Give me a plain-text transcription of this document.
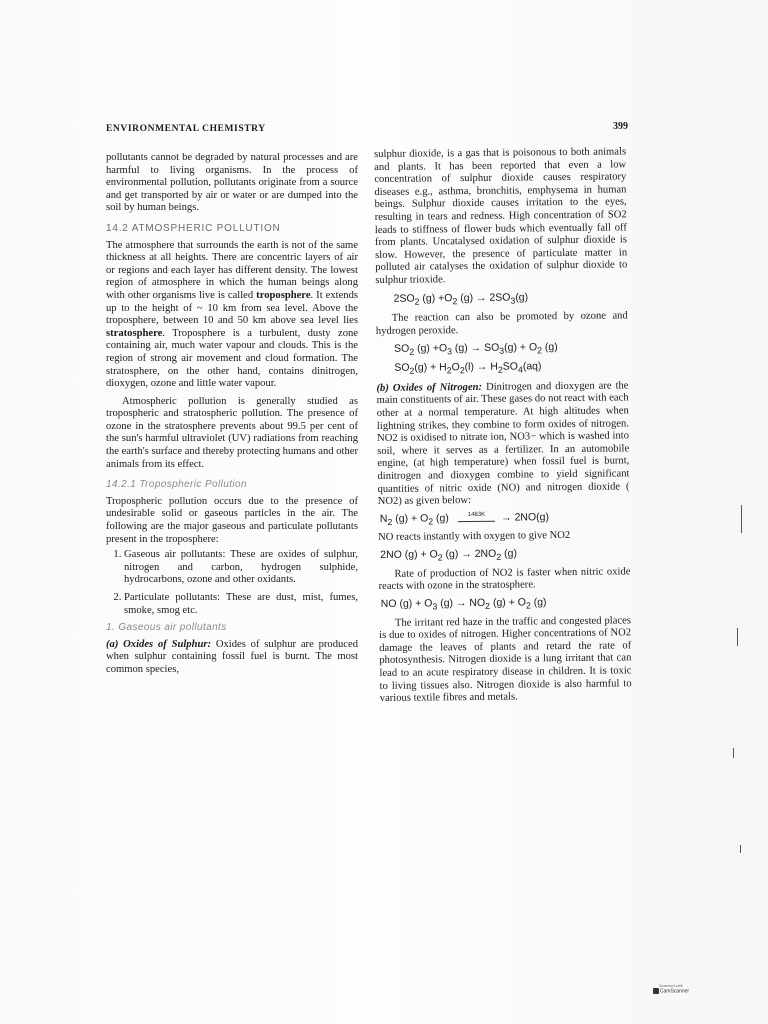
ENVIRONMENTAL CHEMISTRY	399

pollutants cannot be degraded by natural processes and are harmful to living organisms. In the process of environmental pollution, pollutants originate from a source and get transported by air or water or are dumped into the soil by human beings.

14.2 ATMOSPHERIC POLLUTION

The atmosphere that surrounds the earth is not of the same thickness at all heights. There are concentric layers of air or regions and each layer has different density. The lowest region of atmosphere in which the human beings along with other organisms live is called troposphere. It extends up to the height of ~ 10 km from sea level. Above the troposphere, between 10 and 50 km above sea level lies stratosphere. Troposphere is a turbulent, dusty zone containing air, much water vapour and clouds. This is the region of strong air movement and cloud formation. The stratosphere, on the other hand, contains dinitrogen, dioxygen, ozone and little water vapour.

Atmospheric pollution is generally studied as tropospheric and stratospheric pollution. The presence of ozone in the stratosphere prevents about 99.5 per cent of the sun's harmful ultraviolet (UV) radiations from reaching the earth's surface and thereby protecting humans and other animals from its effect.

14.2.1 Tropospheric Pollution

Tropospheric pollution occurs due to the presence of undesirable solid or gaseous particles in the air. The following are the major gaseous and particulate pollutants present in the troposphere:

1. Gaseous air pollutants: These are oxides of sulphur, nitrogen and carbon, hydrogen sulphide, hydrocarbons, ozone and other oxidants.
2. Particulate pollutants: These are dust, mist, fumes, smoke, smog etc.
1. Gaseous air pollutants

(a) Oxides of Sulphur: Oxides of sulphur are produced when sulphur containing fossil fuel is burnt. The most common species,

sulphur dioxide, is a gas that is poisonous to both animals and plants. It has been reported that even a low concentration of sulphur dioxide causes respiratory diseases e.g., asthma, bronchitis, emphysema in human beings. Sulphur dioxide causes irritation to the eyes, resulting in tears and redness. High concentration of SO2 leads to stiffness of flower buds which eventually fall off from plants. Uncatalysed oxidation of sulphur dioxide is slow. However, the presence of particulate matter in polluted air catalyses the oxidation of sulphur dioxide to sulphur trioxide.

$2SO_2$ $(g) +O_2$ $(g) \to 2SO_3(g)$

The reaction can also be promoted by ozone and hydrogen peroxide.

$SO_2$ $(g) +O_3$ $(g) \to SO_3(g) + O_2$ (g)
$SO_2(g) + H_2O_2(l) \to H_2SO_4(aq)$

(b) Oxides of Nitrogen: Dinitrogen and dioxygen are the main constituents of air. These gases do not react with each other at a normal temperature. At high altitudes when lightning strikes, they combine to form oxides of nitrogen. NO2 is oxidised to nitrate ion, NO3− which is washed into soil, where it serves as a fertilizer. In an automobile engine, (at high temperature) when fossil fuel is burnt, dinitrogen and dioxygen combine to yield significant quantities of nitric oxide (NO) and nitrogen dioxide ( NO2) as given below:

$N_2$ $(g) + O_2$ (g)	1483K → 2NO(g)

NO reacts instantly with oxygen to give NO2

2NO $(g) + O_2$ $(g) \to 2NO_2$ (g)

Rate of production of NO2 is faster when nitric oxide reacts with ozone in the stratosphere.

NO $(g) + O_3$ $(g) \to NO_2$ $(g) + O_2$ (g)

The irritant red haze in the traffic and congested places is due to oxides of nitrogen. Higher concentrations of NO2 damage the leaves of plants and retard the rate of photosynthesis. Nitrogen dioxide is a lung irritant that can lead to an acute respiratory disease in children. It is toxic to living tissues also. Nitrogen dioxide is also harmful to various textile fibres and metals.

Scanned with
CamScanner
